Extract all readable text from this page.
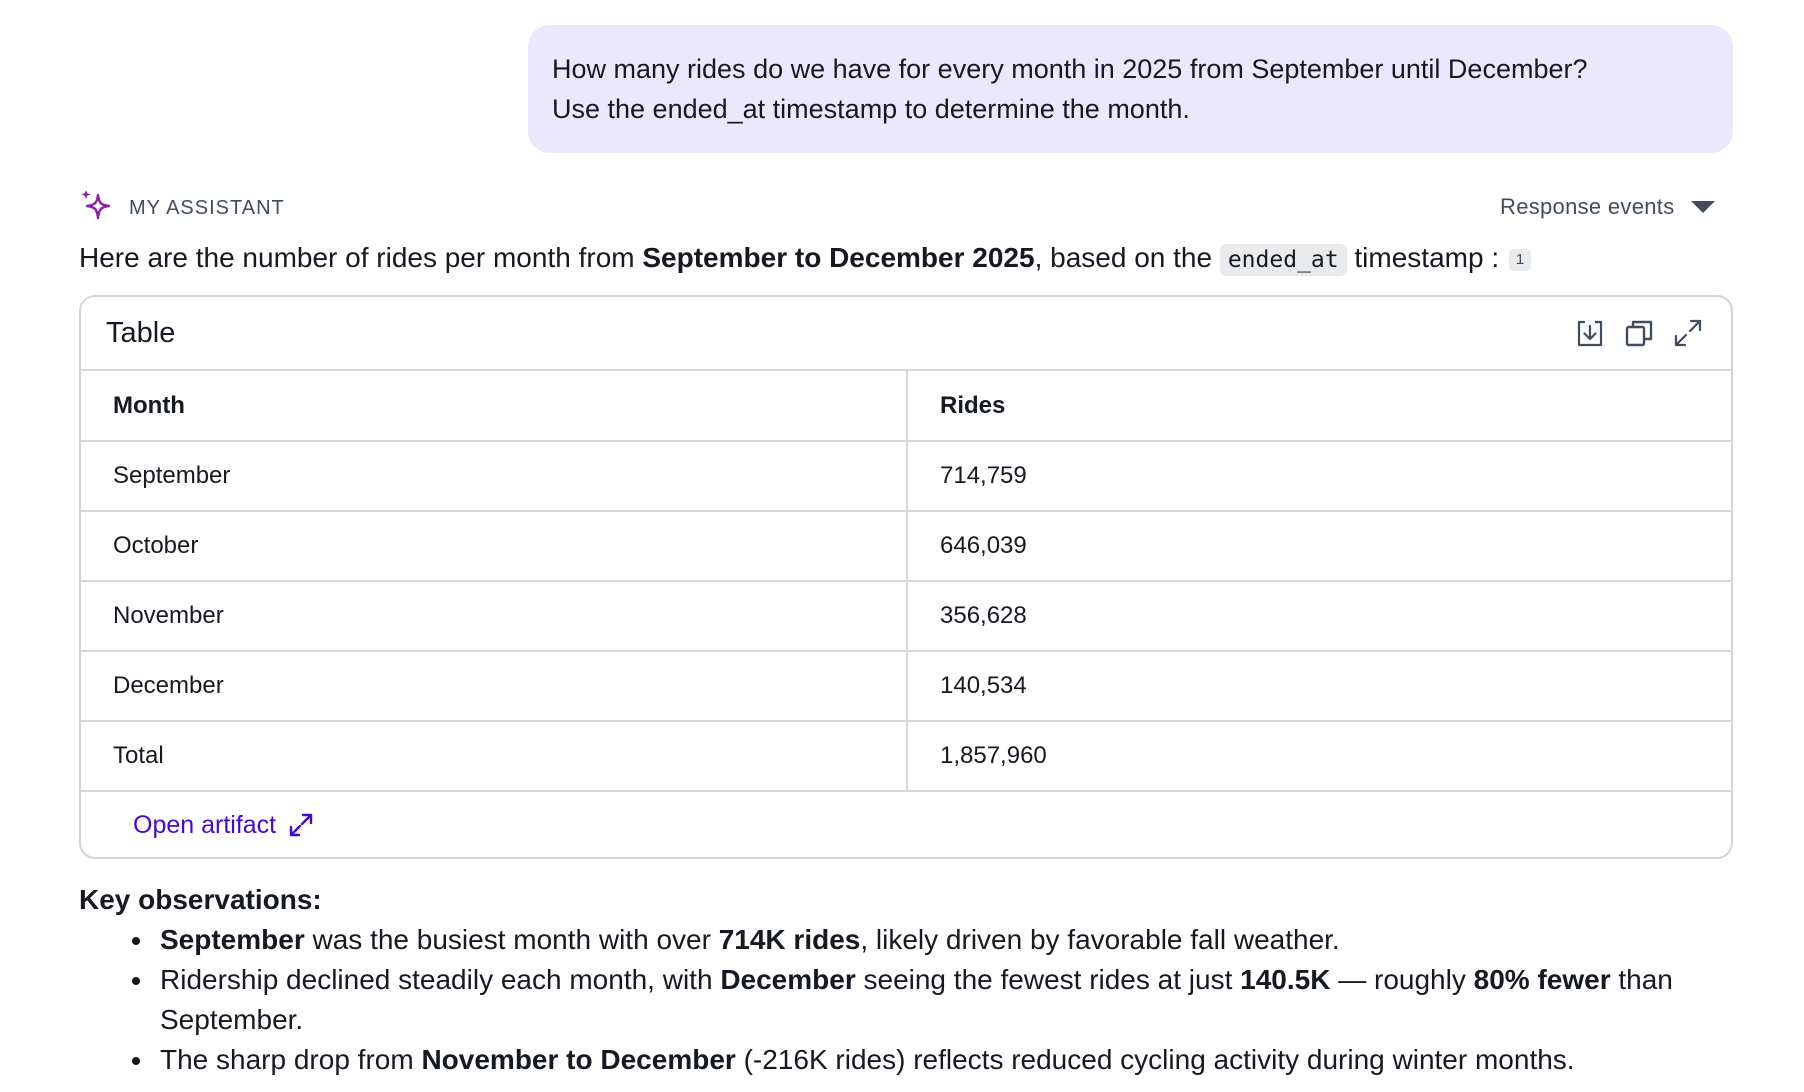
How many rides do we have for every month in 2025 from September until December?
Use the ended_at timestamp to determine the month.
MY ASSISTANT	Response events
Here are the number of rides per month from September to December 2025, based on the ended_at timestamp : 1
Table
Month	Rides
September	714,759
October	646,039
November	356,628
December	140,534
Total	1,857,960
Open artifact
Key observations:
September was the busiest month with over 714K rides, likely driven by favorable fall weather.
Ridership declined steadily each month, with December seeing the fewest rides at just 140.5K — roughly 80% fewer than September.
The sharp drop from November to December (-216K rides) reflects reduced cycling activity during winter months.
